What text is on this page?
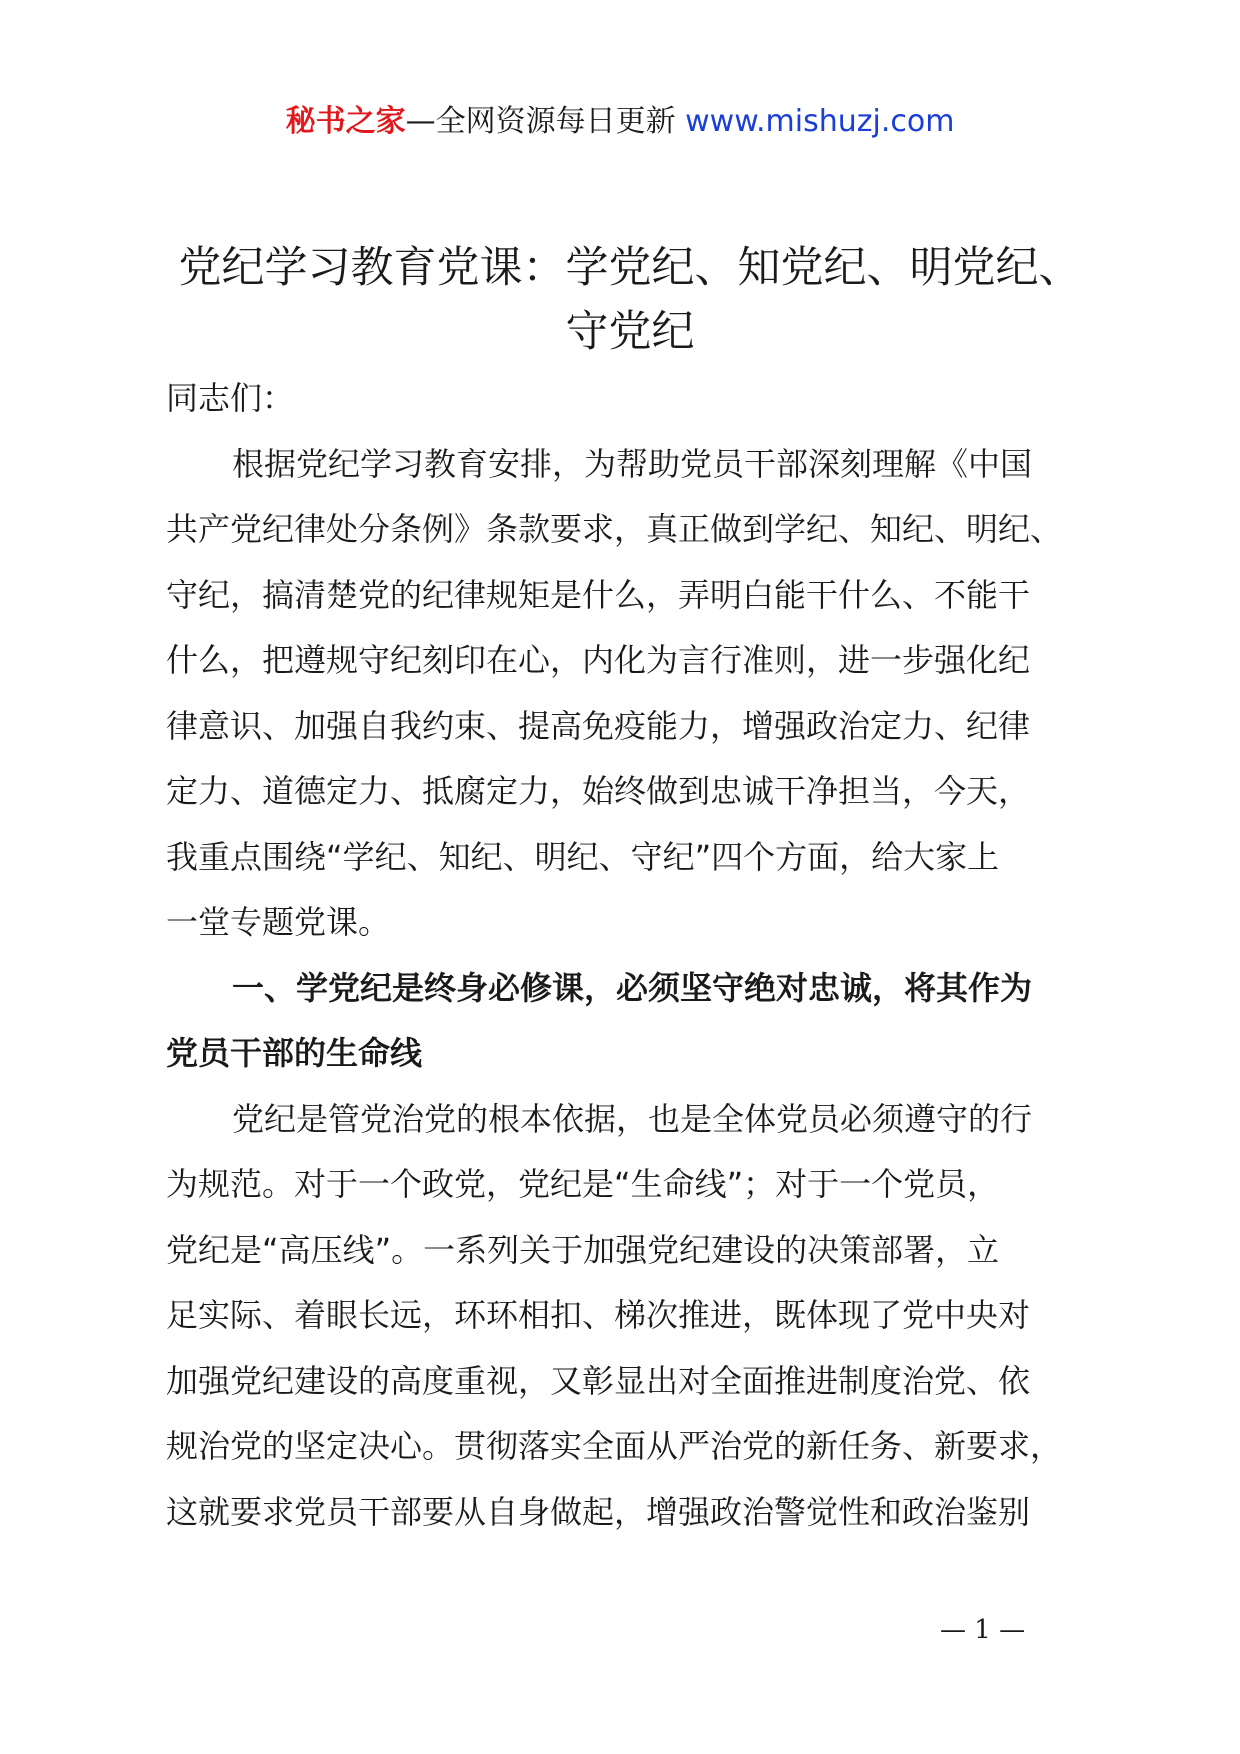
秘书之家—全网资源每日更新 www.mishuzj.com
党纪学习教育党课：学党纪、知党纪、明党纪、
守党纪
同志们：
根据党纪学习教育安排，为帮助党员干部深刻理解《中国
共产党纪律处分条例》条款要求，真正做到学纪、知纪、明纪、
守纪，搞清楚党的纪律规矩是什么，弄明白能干什么、不能干
什么，把遵规守纪刻印在心，内化为言行准则，进一步强化纪
律意识、加强自我约束、提高免疫能力，增强政治定力、纪律
定力、道德定力、抵腐定力，始终做到忠诚干净担当，今天，
我重点围绕“学纪、知纪、明纪、守纪”四个方面，给大家上
一堂专题党课。
一、学党纪是终身必修课，必须坚守绝对忠诚，将其作为
党员干部的生命线
党纪是管党治党的根本依据，也是全体党员必须遵守的行
为规范。对于一个政党，党纪是“生命线”；对于一个党员，
党纪是“高压线”。一系列关于加强党纪建设的决策部署，立
足实际、着眼长远，环环相扣、梯次推进，既体现了党中央对
加强党纪建设的高度重视，又彰显出对全面推进制度治党、依
规治党的坚定决心。贯彻落实全面从严治党的新任务、新要求，
这就要求党员干部要从自身做起，增强政治警觉性和政治鉴别
— 1 —
